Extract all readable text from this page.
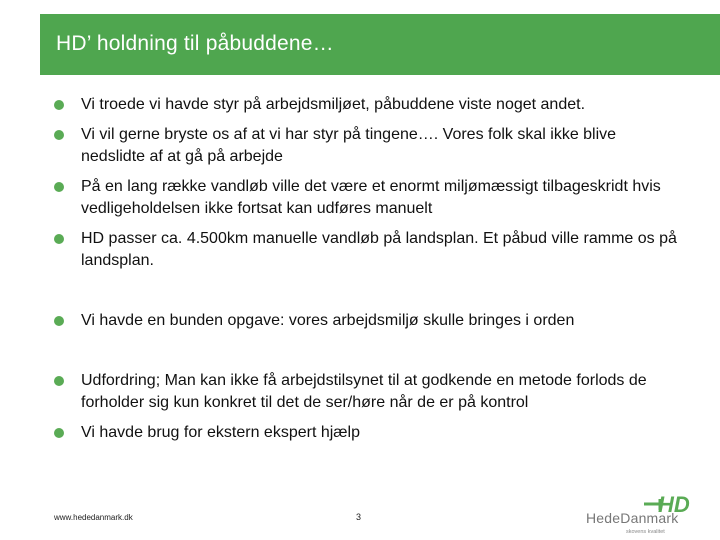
HD’ holdning til påbuddene…
Vi troede vi havde styr på arbejdsmiljøet, påbuddene viste noget andet.
Vi vil gerne bryste os af at vi har styr på tingene…. Vores folk skal ikke blive nedslidte af at gå på arbejde
På en lang række vandløb ville det være et enormt miljømæssigt tilbageskridt hvis vedligeholdelsen ikke fortsat kan udføres manuelt
HD passer ca. 4.500km manuelle vandløb på landsplan. Et påbud ville ramme os på landsplan.
Vi havde en bunden opgave: vores arbejdsmiljø skulle bringes i orden
Udfordring; Man kan ikke få arbejdstilsynet til at godkende en metode forlods de forholder sig kun konkret til det de ser/høre når de er på kontrol
Vi havde brug for ekstern ekspert hjælp
www.hededanmark.dk	3	HD
HedeDanmark
skovens kvalitet
